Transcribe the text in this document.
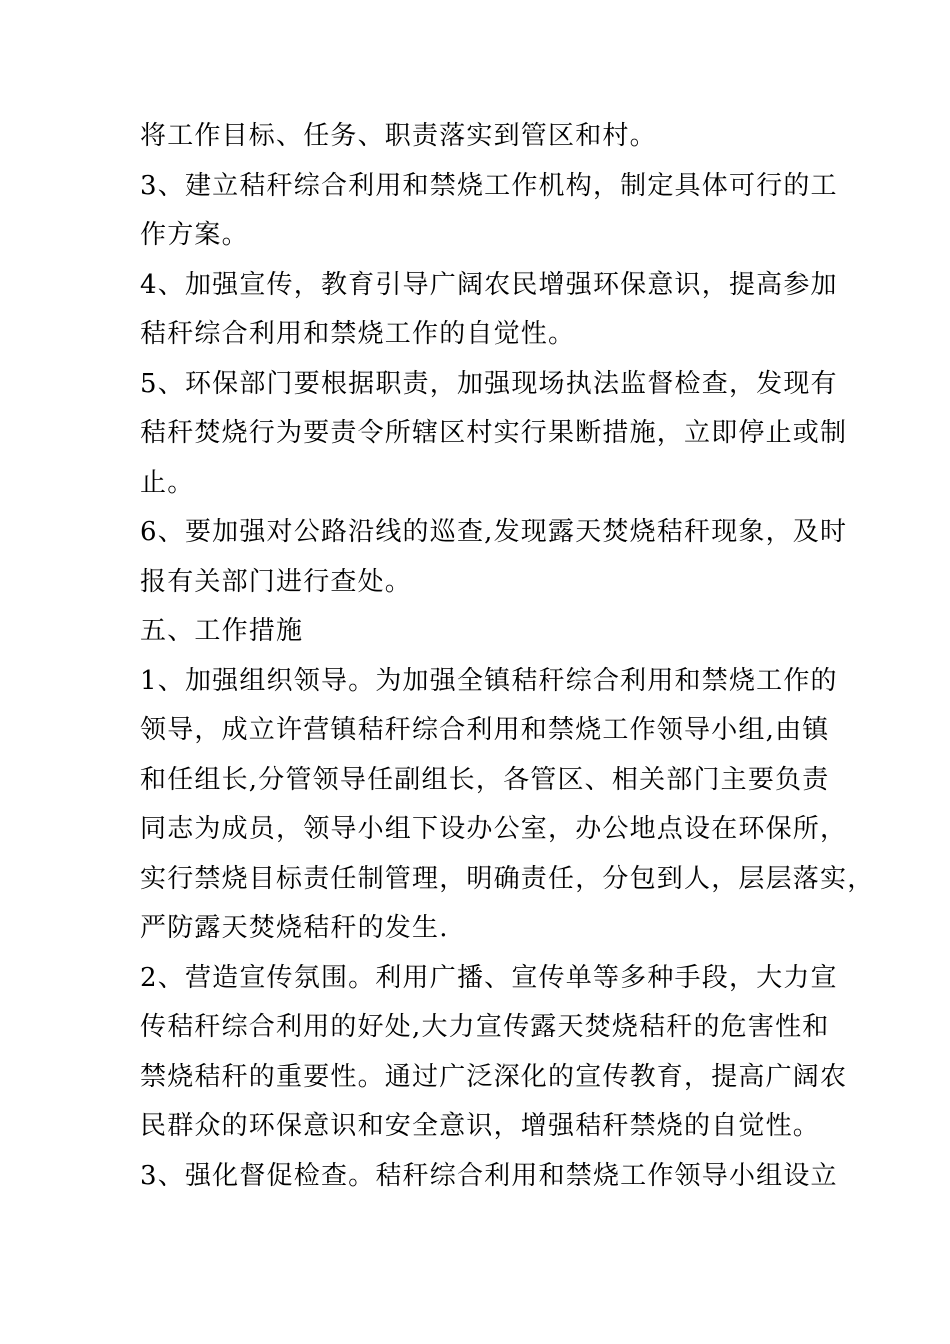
将工作目标、任务、职责落实到管区和村。
3、建立秸秆综合利用和禁烧工作机构，制定具体可行的工
作方案。
4、加强宣传，教育引导广阔农民增强环保意识，提高参加
秸秆综合利用和禁烧工作的自觉性。
5、环保部门要根据职责，加强现场执法监督检查，发现有
秸秆焚烧行为要责令所辖区村实行果断措施，立即停止或制
止。
6、要加强对公路沿线的巡查,发现露天焚烧秸秆现象，及时
报有关部门进行查处。
五、工作措施
1、加强组织领导。为加强全镇秸秆综合利用和禁烧工作的
领导，成立许营镇秸秆综合利用和禁烧工作领导小组,由镇
和任组长,分管领导任副组长，各管区、相关部门主要负责
同志为成员，领导小组下设办公室，办公地点设在环保所，
实行禁烧目标责任制管理，明确责任，分包到人，层层落实，
严防露天焚烧秸秆的发生.
2、营造宣传氛围。利用广播、宣传单等多种手段，大力宣
传秸秆综合利用的好处,大力宣传露天焚烧秸秆的危害性和
禁烧秸秆的重要性。通过广泛深化的宣传教育，提高广阔农
民群众的环保意识和安全意识，增强秸秆禁烧的自觉性。
3、强化督促检查。秸秆综合利用和禁烧工作领导小组设立
